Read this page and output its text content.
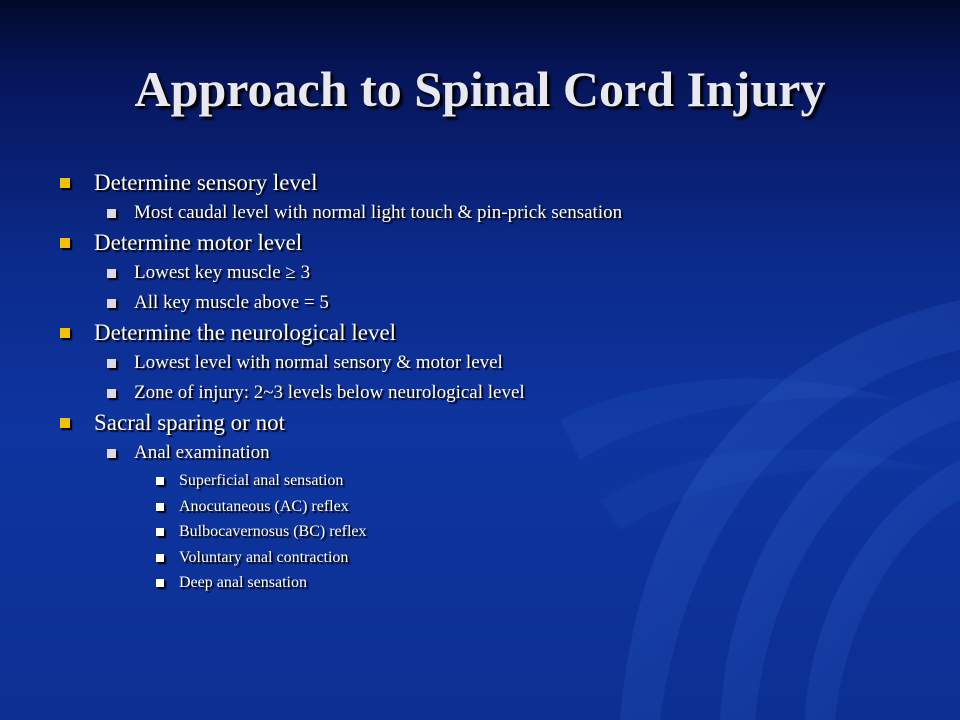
Approach to Spinal Cord Injury
Determine sensory level
Most caudal level with normal light touch & pin-prick sensation
Determine motor level
Lowest key muscle ≥ 3
All key muscle above = 5
Determine the neurological level
Lowest level with normal sensory & motor level
Zone of injury: 2~3 levels below neurological level
Sacral sparing or not
Anal examination
Superficial anal sensation
Anocutaneous (AC) reflex
Bulbocavernosus (BC) reflex
Voluntary anal contraction
Deep anal sensation
